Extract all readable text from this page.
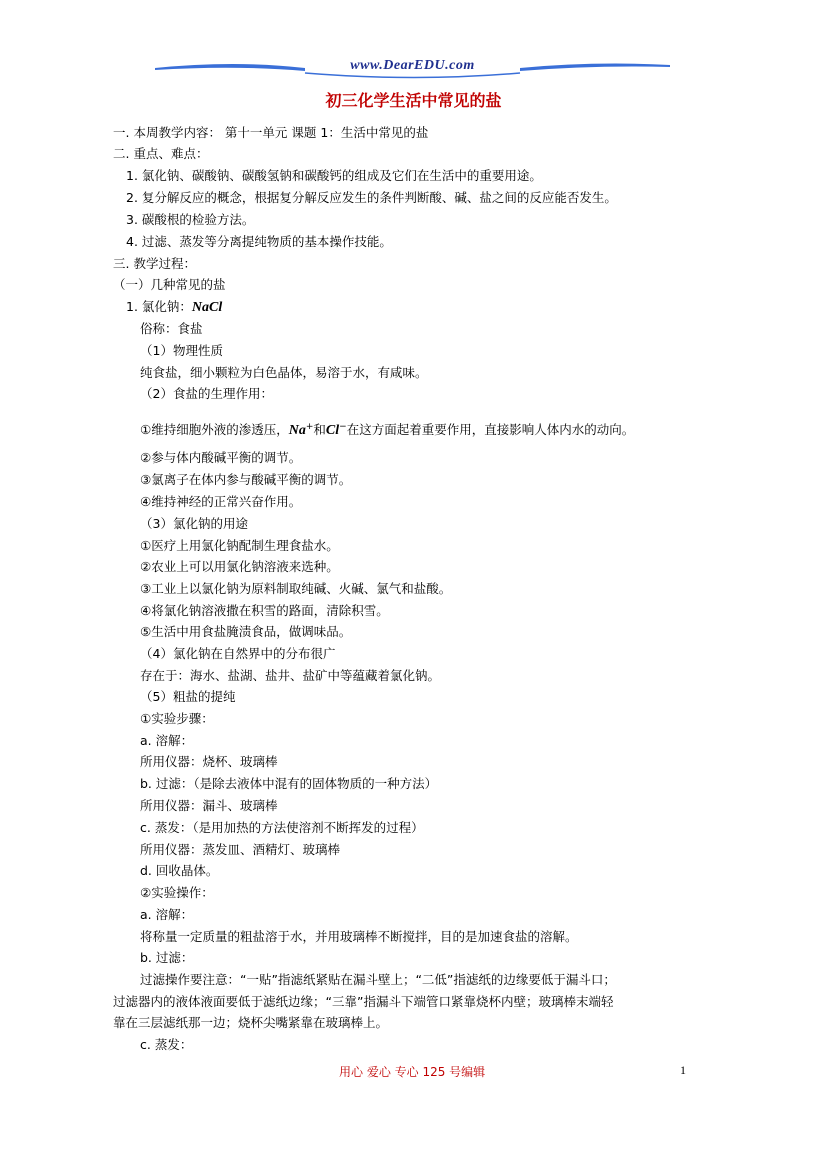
www.DearEDU.com
初三化学生活中常见的盐
一. 本周教学内容： 第十一单元 课题 1：生活中常见的盐
二. 重点、难点：
1. 氯化钠、碳酸钠、碳酸氢钠和碳酸钙的组成及它们在生活中的重要用途。
2. 复分解反应的概念，根据复分解反应发生的条件判断酸、碱、盐之间的反应能否发生。
3. 碳酸根的检验方法。
4. 过滤、蒸发等分离提纯物质的基本操作技能。
三. 教学过程：
（一）几种常见的盐
1. 氯化钠：NaCl
俗称：食盐
（1）物理性质
纯食盐，细小颗粒为白色晶体，易溶于水，有咸味。
（2）食盐的生理作用：
①维持细胞外液的渗透压，Na+和Cl−在这方面起着重要作用，直接影响人体内水的动向。
②参与体内酸碱平衡的调节。
③氯离子在体内参与酸碱平衡的调节。
④维持神经的正常兴奋作用。
（3）氯化钠的用途
①医疗上用氯化钠配制生理食盐水。
②农业上可以用氯化钠溶液来选种。
③工业上以氯化钠为原料制取纯碱、火碱、氯气和盐酸。
④将氯化钠溶液撒在积雪的路面，清除积雪。
⑤生活中用食盐腌渍食品，做调味品。
（4）氯化钠在自然界中的分布很广
存在于：海水、盐湖、盐井、盐矿中等蕴藏着氯化钠。
（5）粗盐的提纯
①实验步骤：
a. 溶解：
所用仪器：烧杯、玻璃棒
b. 过滤：（是除去液体中混有的固体物质的一种方法）
所用仪器：漏斗、玻璃棒
c. 蒸发：（是用加热的方法使溶剂不断挥发的过程）
所用仪器：蒸发皿、酒精灯、玻璃棒
d. 回收晶体。
②实验操作：
a. 溶解：
将称量一定质量的粗盐溶于水，并用玻璃棒不断搅拌，目的是加速食盐的溶解。
b. 过滤：
过滤操作要注意：“一贴”指滤纸紧贴在漏斗壁上；“二低”指滤纸的边缘要低于漏斗口；
过滤器内的液体液面要低于滤纸边缘；“三靠”指漏斗下端管口紧靠烧杯内壁；玻璃棒末端轻
靠在三层滤纸那一边；烧杯尖嘴紧靠在玻璃棒上。
c. 蒸发：
用心 爱心 专心 125 号编辑	1
